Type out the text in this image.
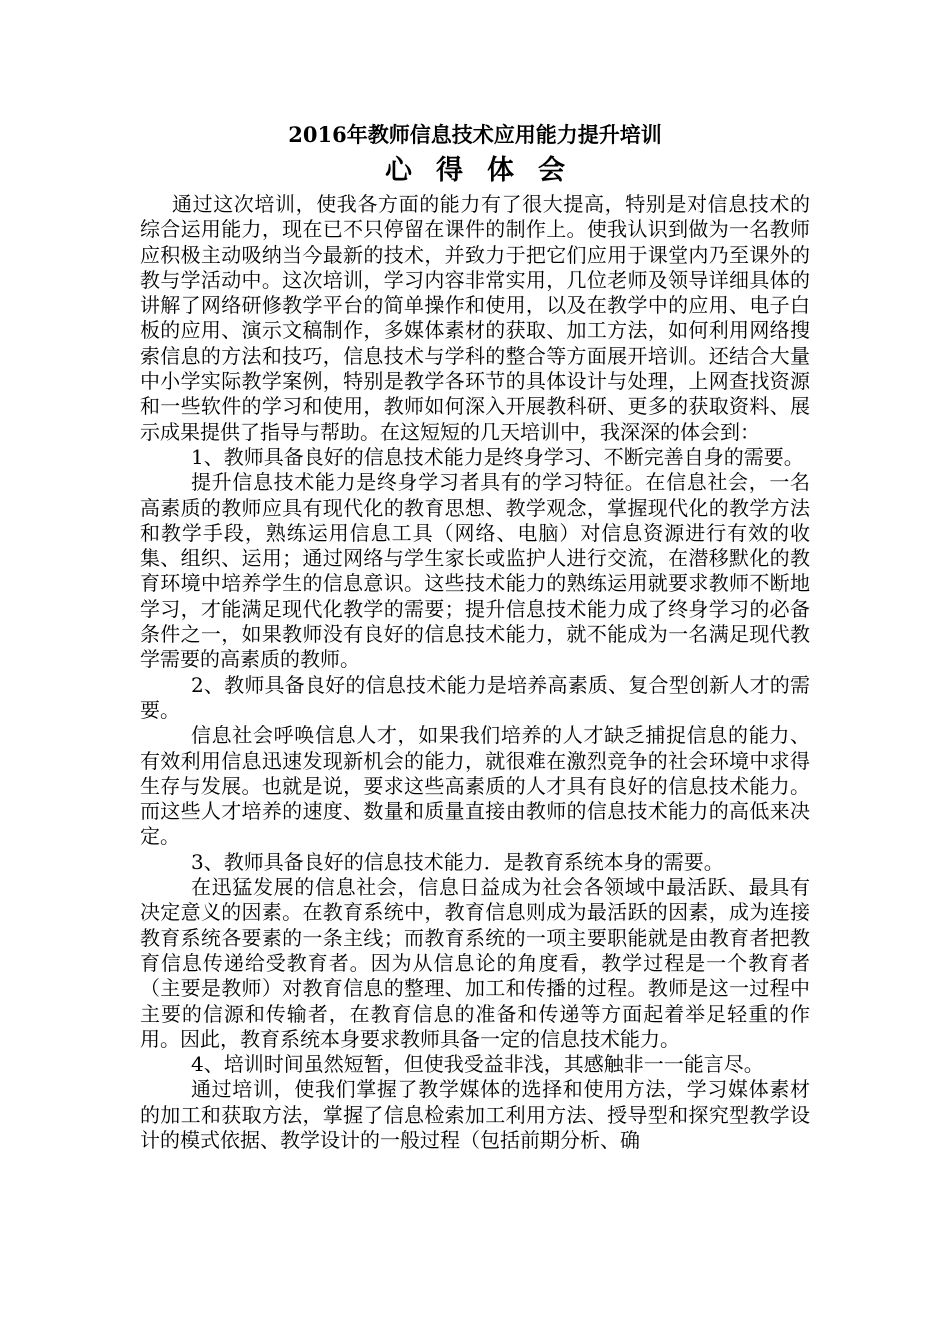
2016年教师信息技术应用能力提升培训
心 得 体 会

通过这次培训，使我各方面的能力有了很大提高，特别是对信息技术的综合运用能力，现在已不只停留在课件的制作上。使我认识到做为一名教师应积极主动吸纳当今最新的技术，并致力于把它们应用于课堂内乃至课外的教与学活动中。这次培训，学习内容非常实用，几位老师及领导详细具体的讲解了网络研修教学平台的简单操作和使用，以及在教学中的应用、电子白板的应用、演示文稿制作，多媒体素材的获取、加工方法，如何利用网络搜索信息的方法和技巧，信息技术与学科的整合等方面展开培训。还结合大量中小学实际教学案例，特别是教学各环节的具体设计与处理，上网查找资源和一些软件的学习和使用，教师如何深入开展教科研、更多的获取资料、展示成果提供了指导与帮助。在这短短的几天培训中，我深深的体会到：

1、教师具备良好的信息技术能力是终身学习、不断完善自身的需要。

提升信息技术能力是终身学习者具有的学习特征。在信息社会，一名高素质的教师应具有现代化的教育思想、教学观念，掌握现代化的教学方法和教学手段，熟练运用信息工具（网络、电脑）对信息资源进行有效的收集、组织、运用；通过网络与学生家长或监护人进行交流，在潜移默化的教育环境中培养学生的信息意识。这些技术能力的熟练运用就要求教师不断地学习，才能满足现代化教学的需要；提升信息技术能力成了终身学习的必备条件之一，如果教师没有良好的信息技术能力，就不能成为一名满足现代教学需要的高素质的教师。

2、教师具备良好的信息技术能力是培养高素质、复合型创新人才的需要。

信息社会呼唤信息人才，如果我们培养的人才缺乏捕捉信息的能力、有效利用信息迅速发现新机会的能力，就很难在激烈竞争的社会环境中求得生存与发展。也就是说，要求这些高素质的人才具有良好的信息技术能力。而这些人才培养的速度、数量和质量直接由教师的信息技术能力的高低来决定。

3、教师具备良好的信息技术能力．是教育系统本身的需要。

在迅猛发展的信息社会，信息日益成为社会各领域中最活跃、最具有决定意义的因素。在教育系统中，教育信息则成为最活跃的因素，成为连接教育系统各要素的一条主线；而教育系统的一项主要职能就是由教育者把教育信息传递给受教育者。因为从信息论的角度看，教学过程是一个教育者（主要是教师）对教育信息的整理、加工和传播的过程。教师是这一过程中主要的信源和传输者，在教育信息的准备和传递等方面起着举足轻重的作用。因此，教育系统本身要求教师具备一定的信息技术能力。

4、培训时间虽然短暂，但使我受益非浅，其感触非一一能言尽。

通过培训，使我们掌握了教学媒体的选择和使用方法，学习媒体素材的加工和获取方法，掌握了信息检索加工利用方法、授导型和探究型教学设计的模式依据、教学设计的一般过程（包括前期分析、确
